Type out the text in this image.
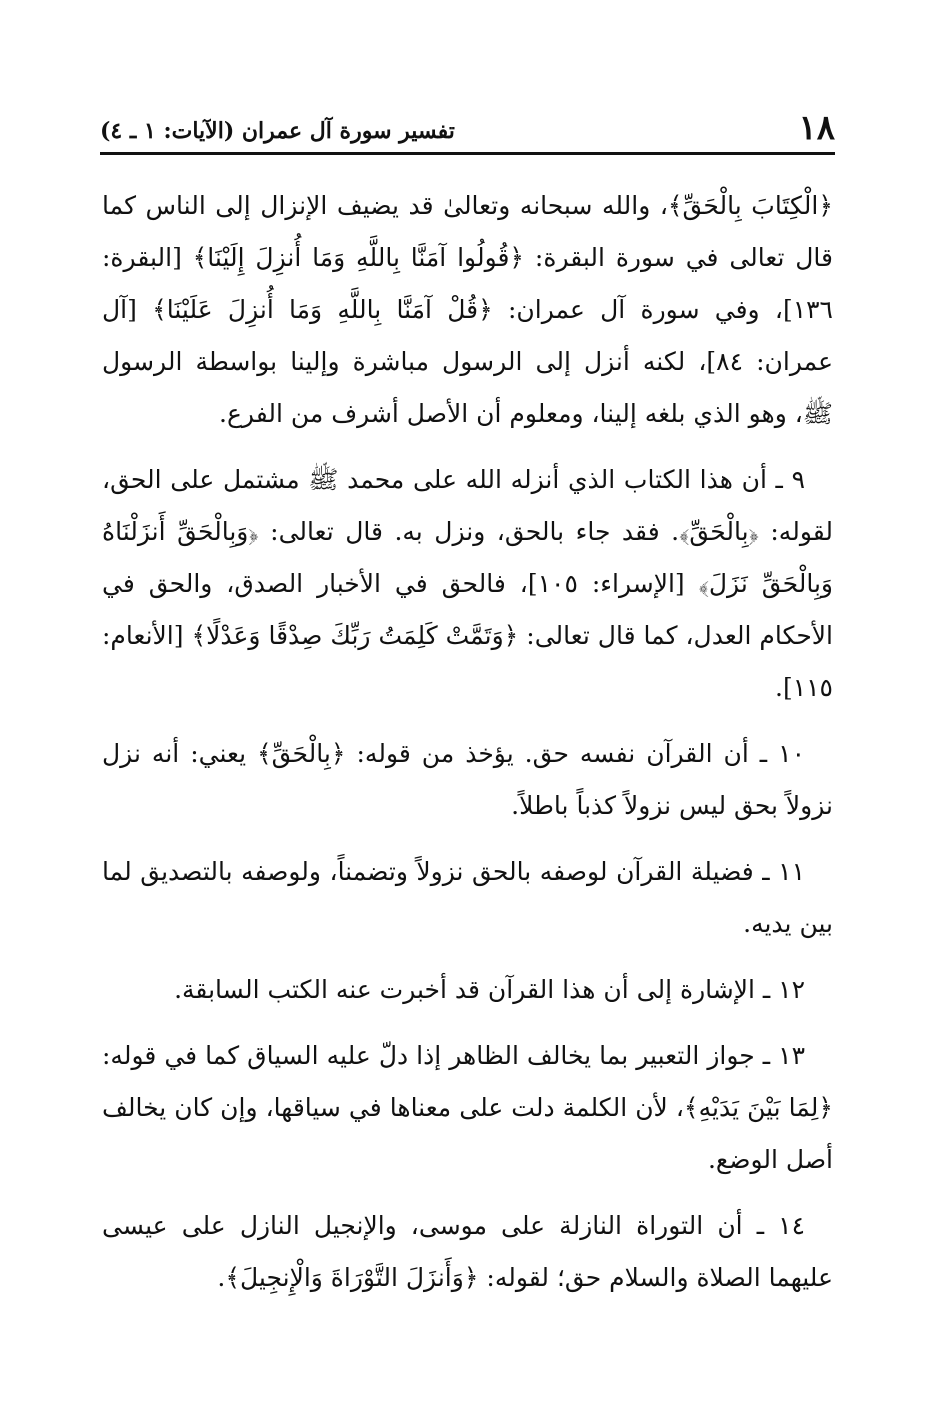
١٨
تفسير سورة آل عمران (الآيات: ١ ـ ٤)

﴿الْكِتَابَ بِالْحَقِّ﴾، والله سبحانه وتعالىٰ قد يضيف الإنزال إلى الناس كما قال تعالى في سورة البقرة: ﴿قُولُوا آمَنَّا بِاللَّهِ وَمَا أُنزِلَ إِلَيْنَا﴾ [البقرة: ١٣٦]، وفي سورة آل عمران: ﴿قُلْ آمَنَّا بِاللَّهِ وَمَا أُنزِلَ عَلَيْنَا﴾ [آل عمران: ٨٤]، لكنه أنزل إلى الرسول مباشرة وإلينا بواسطة الرسول ﷺ، وهو الذي بلغه إلينا، ومعلوم أن الأصل أشرف من الفرع.

٩ ـ أن هذا الكتاب الذي أنزله الله على محمد ﷺ مشتمل على الحق، لقوله: ﴿بِالْحَقِّ﴾. فقد جاء بالحق، ونزل به. قال تعالى: ﴿وَبِالْحَقِّ أَنزَلْنَاهُ وَبِالْحَقِّ نَزَلَ﴾ [الإسراء: ١٠٥]، فالحق في الأخبار الصدق، والحق في الأحكام العدل، كما قال تعالى: ﴿وَتَمَّتْ كَلِمَتُ رَبِّكَ صِدْقًا وَعَدْلًا﴾ [الأنعام: ١١٥].

١٠ ـ أن القرآن نفسه حق. يؤخذ من قوله: ﴿بِالْحَقِّ﴾ يعني: أنه نزل نزولاً بحق ليس نزولاً كذباً باطلاً.

١١ ـ فضيلة القرآن لوصفه بالحق نزولاً وتضمناً، ولوصفه بالتصديق لما بين يديه.

١٢ ـ الإشارة إلى أن هذا القرآن قد أخبرت عنه الكتب السابقة.

١٣ ـ جواز التعبير بما يخالف الظاهر إذا دلّ عليه السياق كما في قوله: ﴿لِمَا بَيْنَ يَدَيْهِ﴾، لأن الكلمة دلت على معناها في سياقها، وإن كان يخالف أصل الوضع.

١٤ ـ أن التوراة النازلة على موسى، والإنجيل النازل على عيسى عليهما الصلاة والسلام حق؛ لقوله: ﴿وَأَنزَلَ التَّوْرَاةَ وَالْإِنجِيلَ﴾.
